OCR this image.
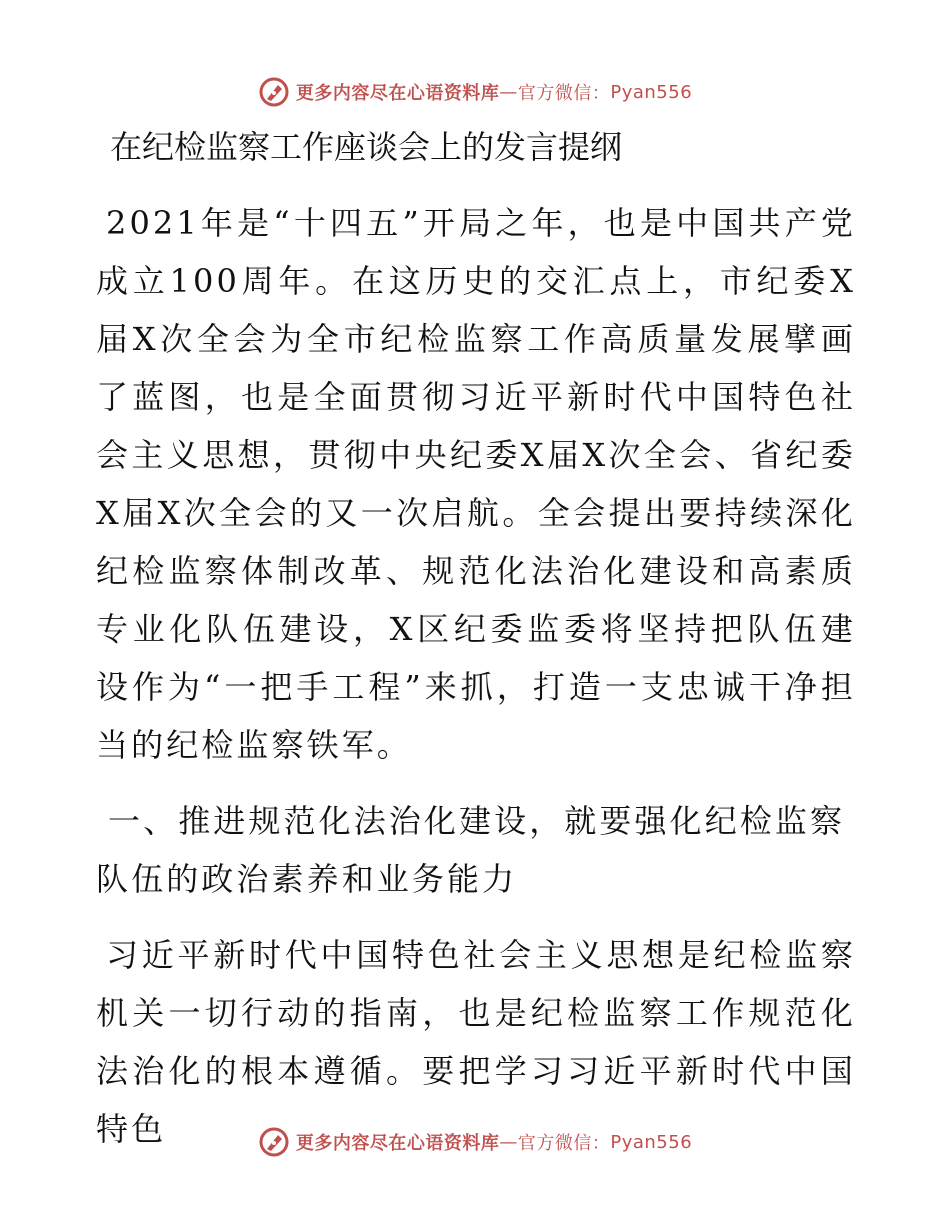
更多内容尽在心语资料库 — 官方微信： Pyan556
在纪检监察工作座谈会上的发言提纲

2021年是“十四五”开局之年，也是中国共产党成立100周年。在这历史的交汇点上，市纪委X届X次全会为全市纪检监察工作高质量发展擘画了蓝图，也是全面贯彻习近平新时代中国特色社会主义思想，贯彻中央纪委X届X次全会、省纪委X届X次全会的又一次启航。全会提出要持续深化纪检监察体制改革、规范化法治化建设和高素质专业化队伍建设，X区纪委监委将坚持把队伍建设作为“一把手工程”来抓，打造一支忠诚干净担当的纪检监察铁军。

一、推进规范化法治化建设，就要强化纪检监察队伍的政治素养和业务能力

习近平新时代中国特色社会主义思想是纪检监察机关一切行动的指南，也是纪检监察工作规范化法治化的根本遵循。要把学习习近平新时代中国特色	更多内容尽在心语资料库 — 官方微信： Pyan556
